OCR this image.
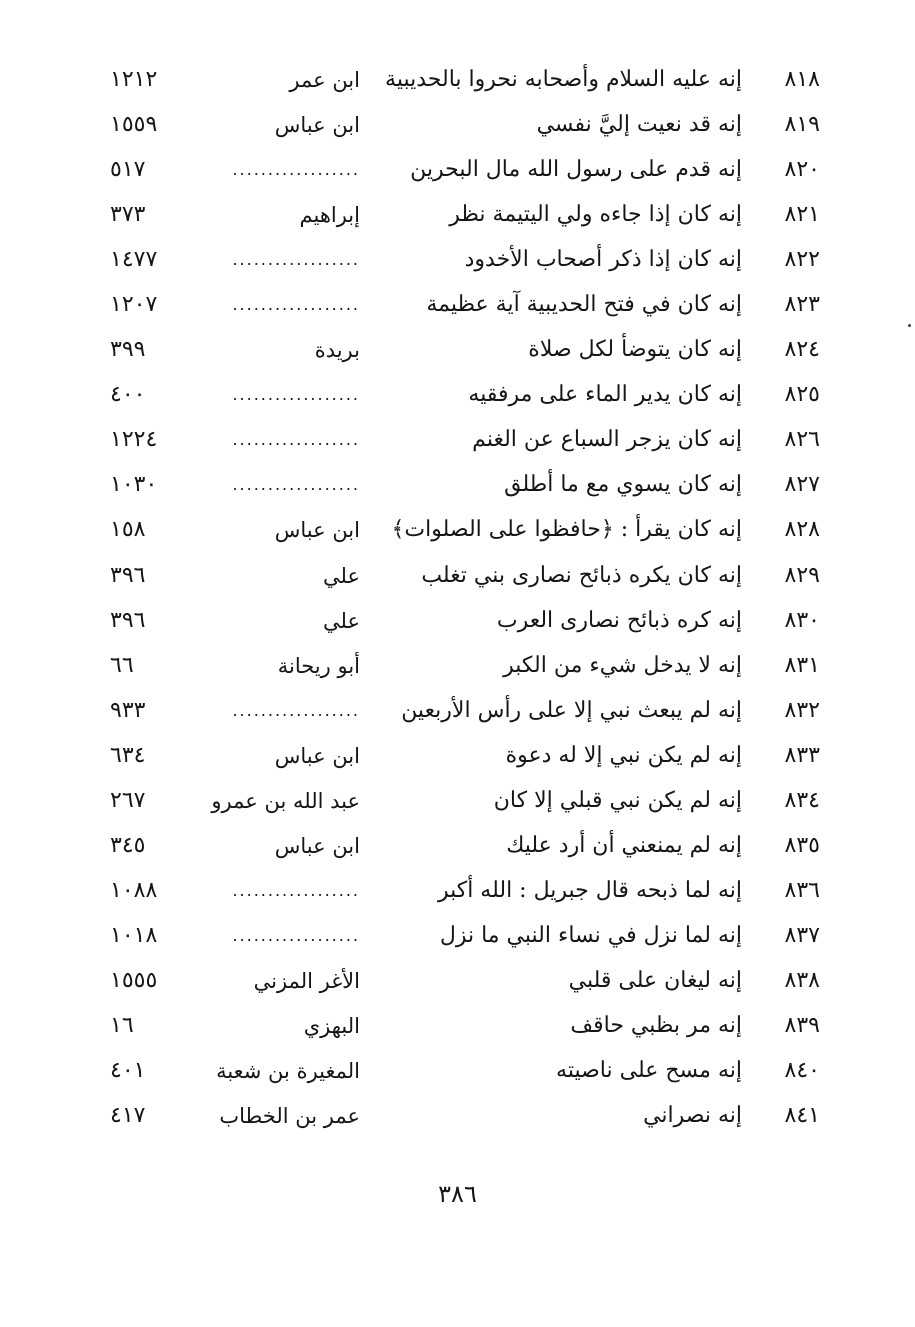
٨١٨
إنه عليه السلام وأصحابه نحروا بالحديبية
ابن عمر
١٢١٢
٨١٩
إنه قد نعيت إليَّ نفسي
ابن عباس
١٥٥٩
٨٢٠
إنه قدم على رسول الله مال البحرين
..................
٥١٧
٨٢١
إنه كان إذا جاءه ولي اليتيمة نظر
إبراهيم
٣٧٣
٨٢٢
إنه كان إذا ذكر أصحاب الأخدود
..................
١٤٧٧
٨٢٣
إنه كان في فتح الحديبية آية عظيمة
..................
١٢٠٧
٨٢٤
إنه كان يتوضأ لكل صلاة
بريدة
٣٩٩
٨٢٥
إنه كان يدير الماء على مرفقيه
..................
٤٠٠
٨٢٦
إنه كان يزجر السباع عن الغنم
..................
١٢٢٤
٨٢٧
إنه كان يسوي مع ما أطلق
..................
١٠٣٠
٨٢٨
إنه كان يقرأ : ﴿حافظوا على الصلوات﴾
ابن عباس
١٥٨
٨٢٩
إنه كان يكره ذبائح نصارى بني تغلب
علي
٣٩٦
٨٣٠
إنه كره ذبائح نصارى العرب
علي
٣٩٦
٨٣١
إنه لا يدخل شيء من الكبر
أبو ريحانة
٦٦
٨٣٢
إنه لم يبعث نبي إلا على رأس الأربعين
..................
٩٣٣
٨٣٣
إنه لم يكن نبي إلا له دعوة
ابن عباس
٦٣٤
٨٣٤
إنه لم يكن نبي قبلي إلا كان
عبد الله بن عمرو
٢٦٧
٨٣٥
إنه لم يمنعني أن أرد عليك
ابن عباس
٣٤٥
٨٣٦
إنه لما ذبحه قال جبريل : الله أكبر
..................
١٠٨٨
٨٣٧
إنه لما نزل في نساء النبي ما نزل
..................
١٠١٨
٨٣٨
إنه ليغان على قلبي
الأغر المزني
١٥٥٥
٨٣٩
إنه مر بظبي حاقف
البهزي
١٦
٨٤٠
إنه مسح على ناصيته
المغيرة بن شعبة
٤٠١
٨٤١
إنه نصراني
عمر بن الخطاب
٤١٧
٣٨٦
